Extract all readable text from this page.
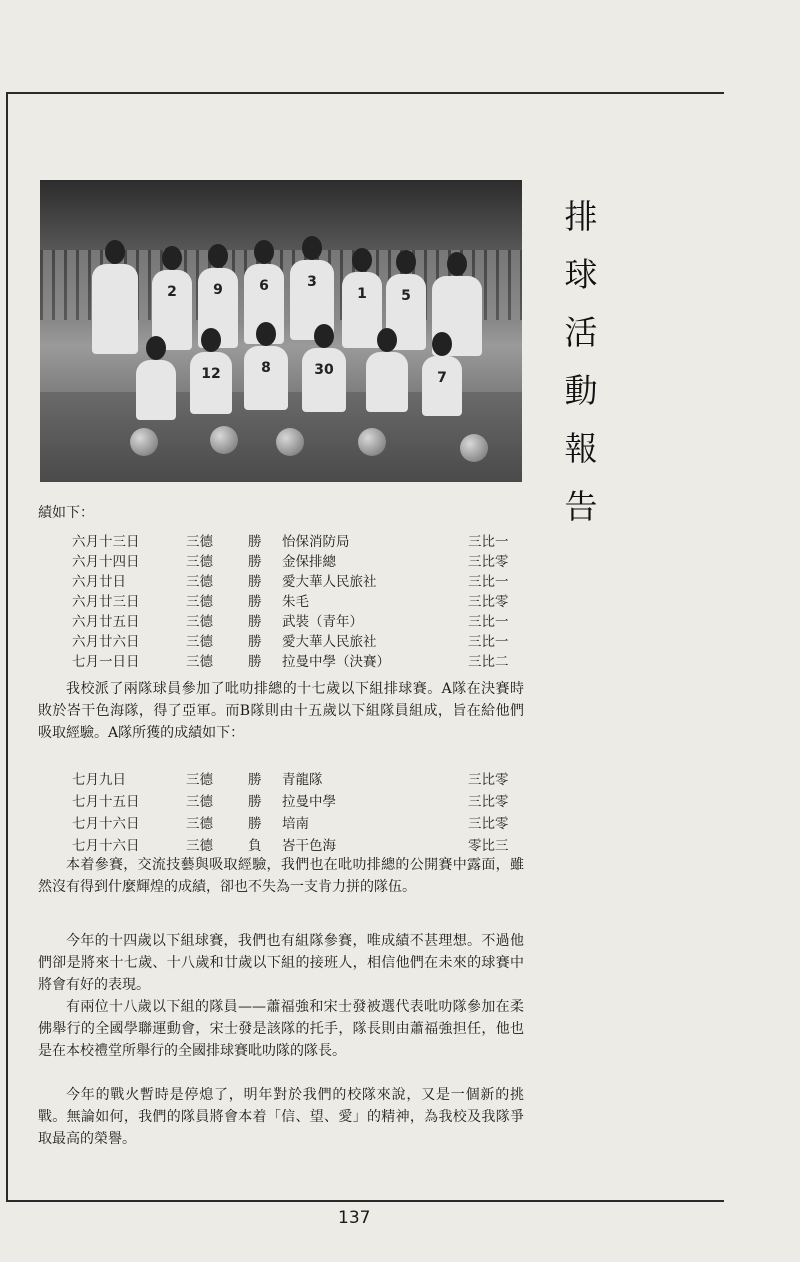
2	9	6	3
1	5
12	8	30	7
排
球
活
動
報
告
績如下：
六月十三日	三德	勝 怡保消防局	三比一
六月十四日	三德	勝 金保排總	三比零
六月廿日	三德	勝 愛大華人民旅社	三比一
六月廿三日	三德	勝 朱毛	三比零
六月廿五日	三德	勝 武裝（青年）	三比一
六月廿六日	三德	勝 愛大華人民旅社	三比一
七月一日日	三德	勝 拉曼中學（決賽）	三比二
我校派了兩隊球員參加了吡叻排總的十七歲以下組排球賽。A隊在決賽時敗於峇干色海隊，得了亞軍。而B隊則由十五歲以下組隊員組成，旨在給他們吸取經驗。A隊所獲的成績如下：
七月九日	三德	勝 青龍隊	三比零
七月十五日	三德	勝 拉曼中學	三比零
七月十六日	三德	勝 培南	三比零
七月十六日	三德	負 峇干色海	零比三
本着參賽，交流技藝與吸取經驗，我們也在吡叻排總的公開賽中露面，雖然沒有得到什麼輝煌的成績，卻也不失為一支肯力拼的隊伍。
今年的十四歲以下組球賽，我們也有組隊參賽，唯成績不甚理想。不過他們卻是將來十七歲、十八歲和廿歲以下組的接班人，相信他們在未來的球賽中將會有好的表現。
有兩位十八歲以下組的隊員——蕭福強和宋士發被選代表吡叻隊參加在柔佛舉行的全國學聯運動會，宋士發是該隊的托手，隊長則由蕭福強担任，他也是在本校禮堂所舉行的全國排球賽吡叻隊的隊長。
今年的戰火暫時是停熄了，明年對於我們的校隊來說，又是一個新的挑戰。無論如何，我們的隊員將會本着「信、望、愛」的精神，為我校及我隊爭取最高的榮譽。
137
